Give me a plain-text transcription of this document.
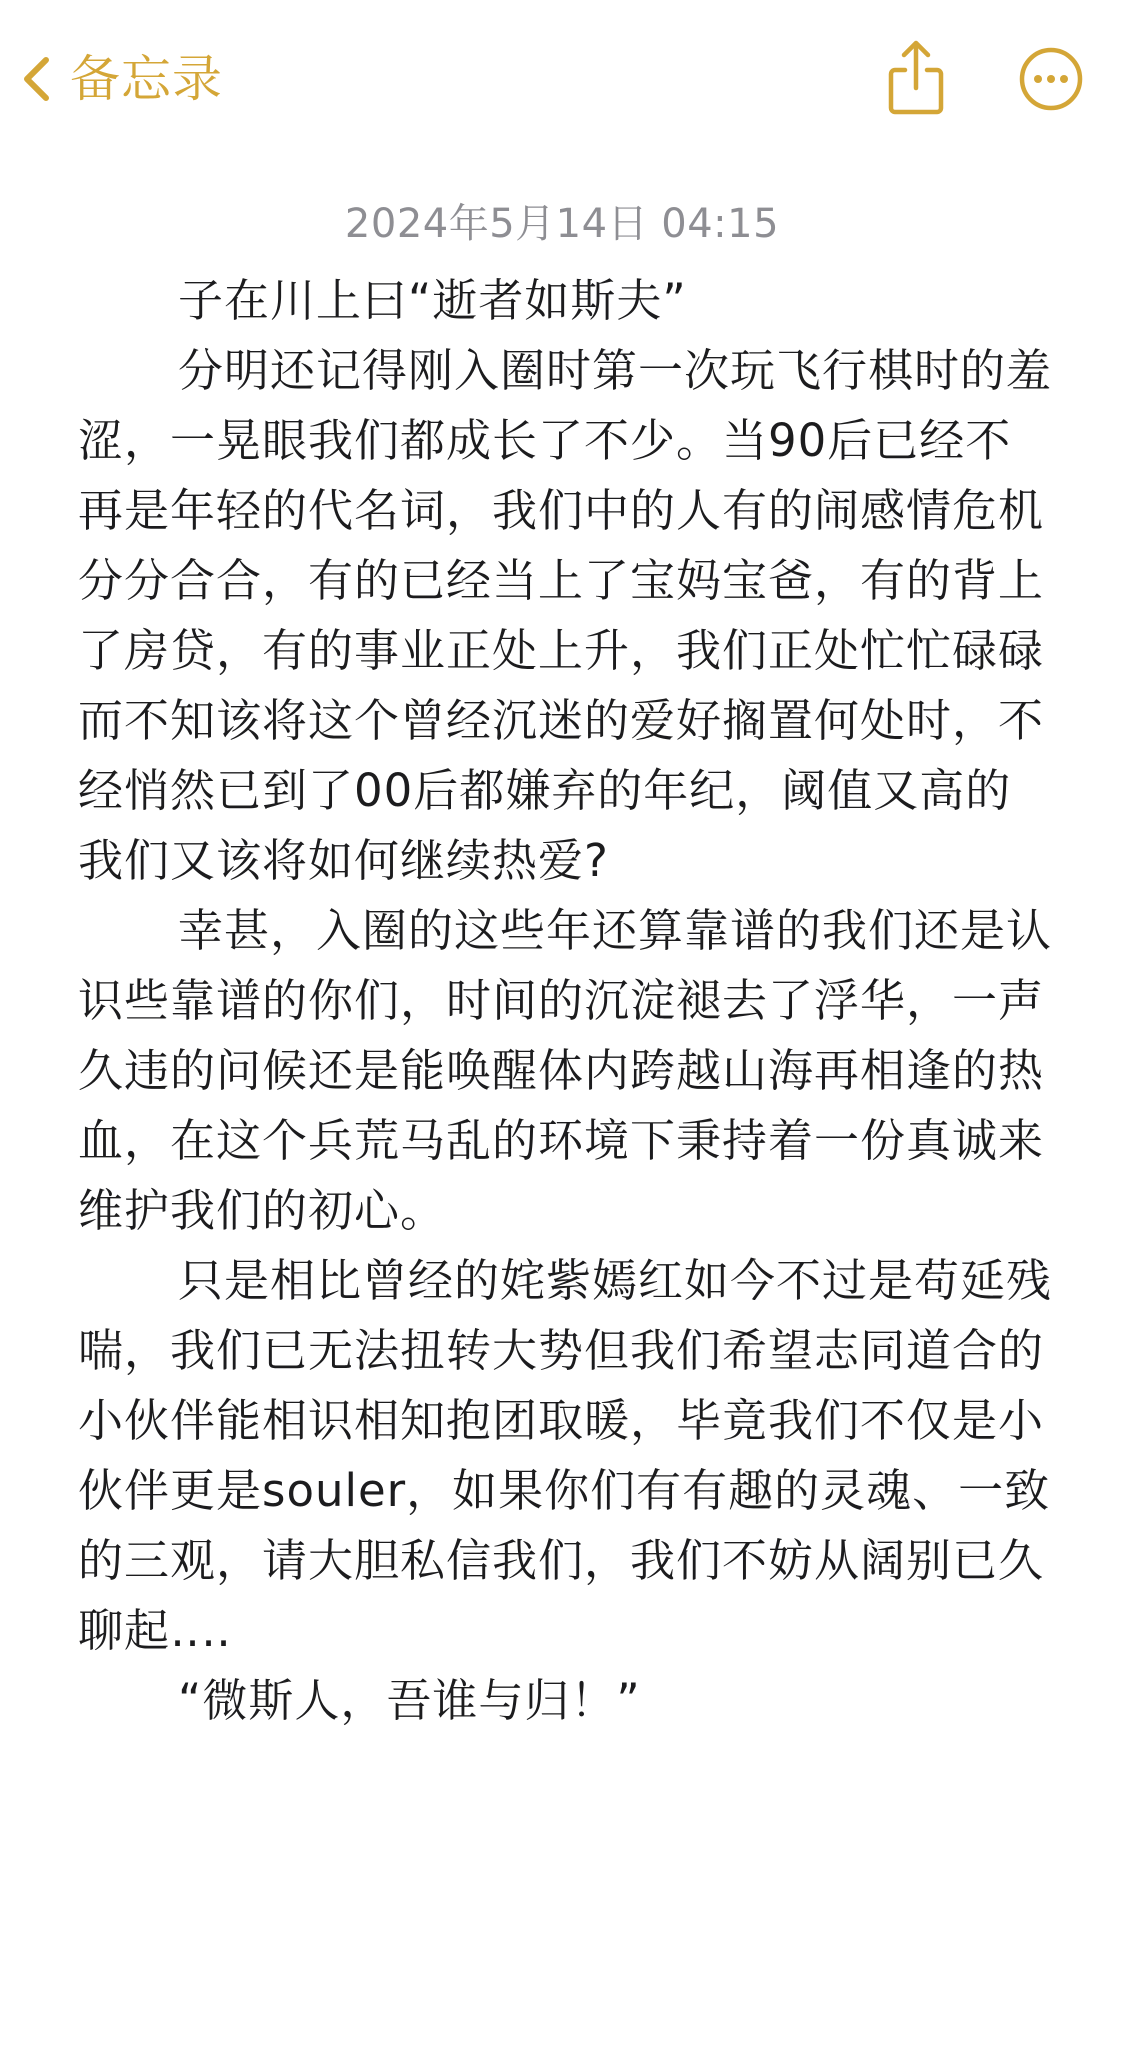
备忘录
2024年5月14日 04:15

子在川上曰“逝者如斯夫”

分明还记得刚入圈时第一次玩飞行棋时的羞涩，一晃眼我们都成长了不少。当90后已经不再是年轻的代名词，我们中的人有的闹感情危机分分合合，有的已经当上了宝妈宝爸，有的背上了房贷，有的事业正处上升，我们正处忙忙碌碌而不知该将这个曾经沉迷的爱好搁置何处时，不经悄然已到了00后都嫌弃的年纪，阈值又高的我们又该将如何继续热爱?

幸甚，入圈的这些年还算靠谱的我们还是认识些靠谱的你们，时间的沉淀褪去了浮华，一声久违的问候还是能唤醒体内跨越山海再相逢的热血，在这个兵荒马乱的环境下秉持着一份真诚来维护我们的初心。

只是相比曾经的姹紫嫣红如今不过是苟延残喘，我们已无法扭转大势但我们希望志同道合的小伙伴能相识相知抱团取暖，毕竟我们不仅是小伙伴更是souler，如果你们有有趣的灵魂、一致的三观，请大胆私信我们，我们不妨从阔别已久聊起‥‥

“微斯人，吾谁与归！”
